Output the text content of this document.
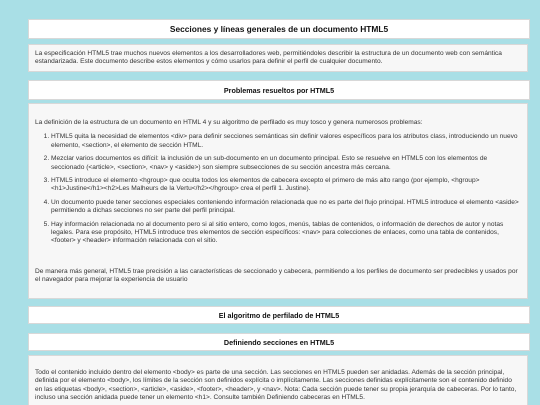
Secciones y líneas generales de un documento HTML5

La especificación HTML5 trae muchos nuevos elementos a los desarrolladores web, permitiéndoles describir la estructura de un documento web con semántica estandarizada. Este documento describe estos elementos y cómo usarlos para definir el perfil de cualquier documento.

Problemas resueltos por HTML5

La definición de la estructura de un documento en HTML 4 y su algoritmo de perfilado es muy tosco y genera numerosos problemas:

1. HTML5 quita la necesidad de elementos <div> para definir secciones semánticas sin definir valores específicos para los atributos class, introduciendo un nuevo elemento, <section>, el elemento de sección HTML.
2. Mezclar varios documentos es difícil: la inclusión de un sub-documento en un documento principal. Esto se resuelve en HTML5 con los elementos de seccionado (<article>, <section>, <nav> y <aside>) son siempre subsecciones de su sección ancestra más cercana.
3. HTML5 introduce el elemento <hgroup> que oculta todos los elementos de cabecera excepto el primero de más alto rango (por ejemplo, <hgroup><h1>Justine</h1><h2>Les Malheurs de la Vertu</h2></hgroup> crea el perfil 1. Justine).
4. Un documento puede tener secciones especiales conteniendo información relacionada que no es parte del flujo principal. HTML5 introduce el elemento <aside> permitiendo a dichas secciones no ser parte del perfil principal.
5. Hay información relacionada no al documento pero si al sitio entero, como logos, menús, tablas de contenidos, o información de derechos de autor y notas legales. Para ese propósito, HTML5 introduce tres elementos de sección específicos: <nav> para colecciones de enlaces, como una tabla de contenidos, <footer> y <header> información relacionada con el sitio.

De manera más general, HTML5 trae precisión a las características de seccionado y cabecera, permitiendo a los perfiles de documento ser predecibles y usados por el navegador para mejorar la experiencia de usuario

El algoritmo de perfilado de HTML5
Definiendo secciones en HTML5

Todo el contenido incluido dentro del elemento <body> es parte de una sección. Las secciones en HTML5 pueden ser anidadas. Además de la sección principal, definida por el elemento <body>, los límites de la sección son definidos explícita o implícitamente. Las secciones definidas explícitamente son el contenido definido en las etiquetas <body>, <section>, <article>, <aside>, <footer>, <header>, y <nav>. Nota: Cada sección puede tener su propia jerarquía de cabeceras. Por lo tanto, incluso una sección anidada puede tener un elemento <h1>. Consulte también Definiendo cabeceras en HTML5.
